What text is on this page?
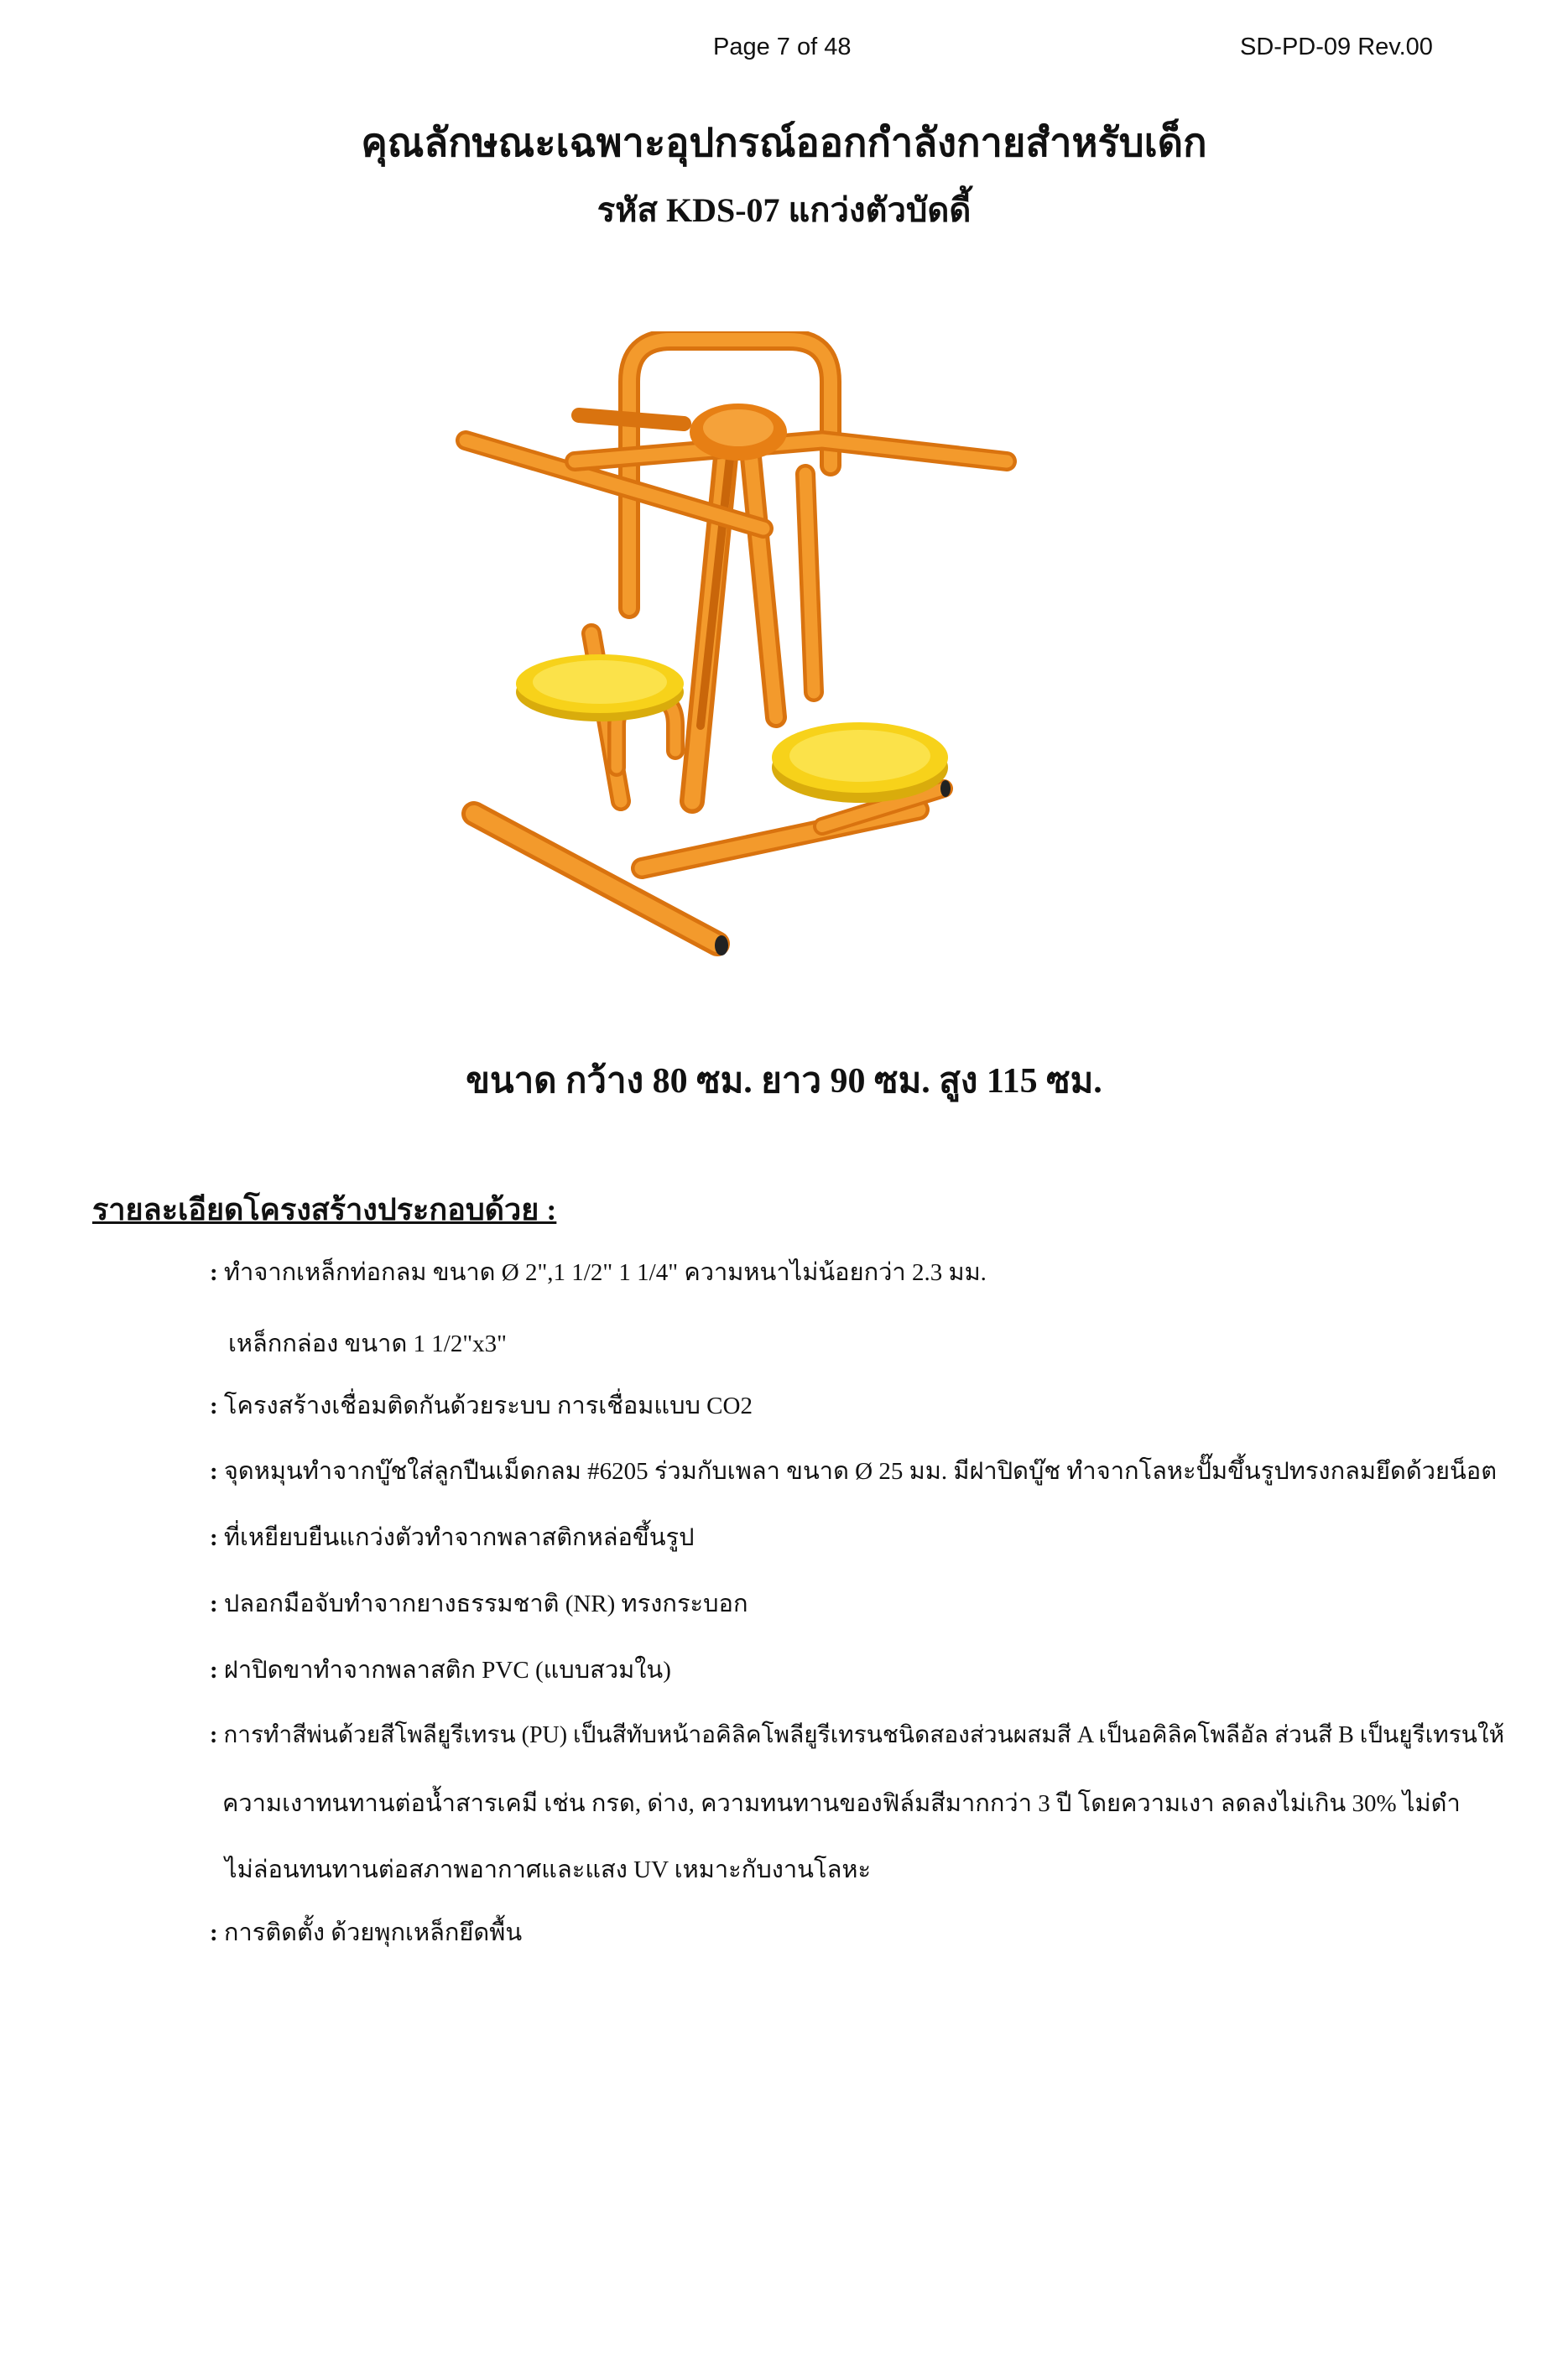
Page 7 of 48	SD-PD-09 Rev.00
คุณลักษณะเฉพาะอุปกรณ์ออกกำลังกายสำหรับเด็ก
รหัส KDS-07 แกว่งตัวบัดดี้
ขนาด กว้าง 80 ซม. ยาว 90 ซม. สูง 115 ซม.
รายละเอียดโครงสร้างประกอบด้วย :
: ทำจากเหล็กท่อกลม ขนาด Ø 2",1 1/2" 1 1/4" ความหนาไม่น้อยกว่า 2.3 มม.
เหล็กกล่อง ขนาด 1 1/2"x3"
: โครงสร้างเชื่อมติดกันด้วยระบบ การเชื่อมแบบ CO2
: จุดหมุนทำจากบู๊ชใส่ลูกปืนเม็ดกลม #6205 ร่วมกับเพลา ขนาด Ø 25 มม. มีฝาปิดบู๊ช ทำจากโลหะปั๊มขึ้นรูปทรงกลมยึดด้วยน็อต
: ที่เหยียบยืนแกว่งตัวทำจากพลาสติกหล่อขึ้นรูป
: ปลอกมือจับทำจากยางธรรมชาติ (NR) ทรงกระบอก
: ฝาปิดขาทำจากพลาสติก PVC (แบบสวมใน)
: การทำสีพ่นด้วยสีโพลียูรีเทรน (PU) เป็นสีทับหน้าอคิลิคโพลียูรีเทรนชนิดสองส่วนผสมสี A เป็นอคิลิคโพลีอัล ส่วนสี B เป็นยูรีเทรนให้
ความเงาทนทานต่อน้ำสารเคมี เช่น กรด, ด่าง, ความทนทานของฟิล์มสีมากกว่า 3 ปี โดยความเงา ลดลงไม่เกิน 30% ไม่ดำ
ไม่ล่อนทนทานต่อสภาพอากาศและแสง UV เหมาะกับงานโลหะ
: การติดตั้ง ด้วยพุกเหล็กยึดพื้น
